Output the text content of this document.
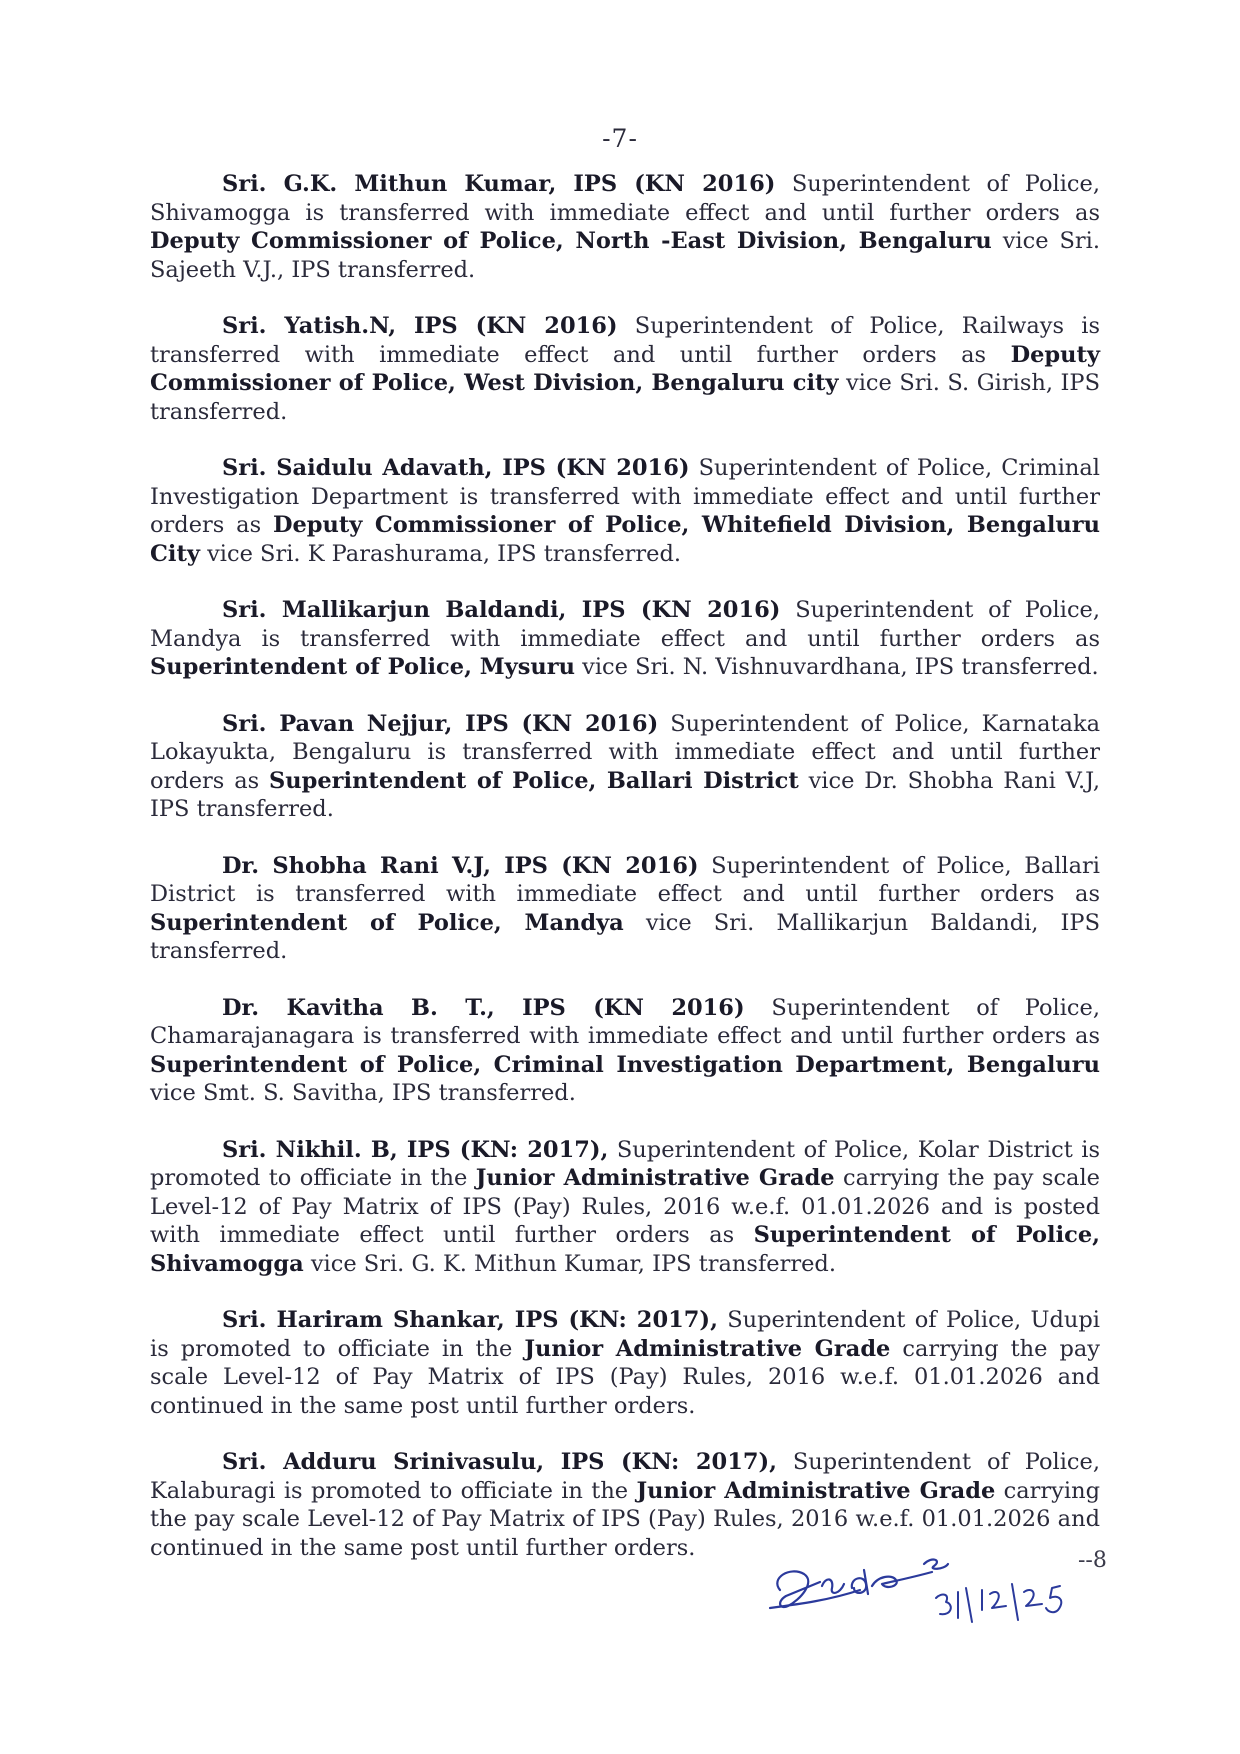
-7-

Sri. G.K. Mithun Kumar, IPS (KN 2016) Superintendent of Police, Shivamogga is transferred with immediate effect and until further orders as Deputy Commissioner of Police, North -East Division, Bengaluru vice Sri. Sajeeth V.J., IPS transferred.

Sri. Yatish.N, IPS (KN 2016) Superintendent of Police, Railways is transferred with immediate effect and until further orders as Deputy Commissioner of Police, West Division, Bengaluru city vice Sri. S. Girish, IPS transferred.

Sri. Saidulu Adavath, IPS (KN 2016) Superintendent of Police, Criminal Investigation Department is transferred with immediate effect and until further orders as Deputy Commissioner of Police, Whitefield Division, Bengaluru City vice Sri. K Parashurama, IPS transferred.

Sri. Mallikarjun Baldandi, IPS (KN 2016) Superintendent of Police, Mandya is transferred with immediate effect and until further orders as Superintendent of Police, Mysuru vice Sri. N. Vishnuvardhana, IPS transferred.

Sri. Pavan Nejjur, IPS (KN 2016) Superintendent of Police, Karnataka Lokayukta, Bengaluru is transferred with immediate effect and until further orders as Superintendent of Police, Ballari District vice Dr. Shobha Rani V.J, IPS transferred.

Dr. Shobha Rani V.J, IPS (KN 2016) Superintendent of Police, Ballari District is transferred with immediate effect and until further orders as Superintendent of Police, Mandya vice Sri. Mallikarjun Baldandi, IPS transferred.

Dr. Kavitha B. T., IPS (KN 2016) Superintendent of Police, Chamarajanagara is transferred with immediate effect and until further orders as Superintendent of Police, Criminal Investigation Department, Bengaluru vice Smt. S. Savitha, IPS transferred.

Sri. Nikhil. B, IPS (KN: 2017), Superintendent of Police, Kolar District is promoted to officiate in the Junior Administrative Grade carrying the pay scale Level-12 of Pay Matrix of IPS (Pay) Rules, 2016 w.e.f. 01.01.2026 and is posted with immediate effect until further orders as Superintendent of Police, Shivamogga vice Sri. G. K. Mithun Kumar, IPS transferred.

Sri. Hariram Shankar, IPS (KN: 2017), Superintendent of Police, Udupi is promoted to officiate in the Junior Administrative Grade carrying the pay scale Level-12 of Pay Matrix of IPS (Pay) Rules, 2016 w.e.f. 01.01.2026 and continued in the same post until further orders.

Sri. Adduru Srinivasulu, IPS (KN: 2017), Superintendent of Police, Kalaburagi is promoted to officiate in the Junior Administrative Grade carrying the pay scale Level-12 of Pay Matrix of IPS (Pay) Rules, 2016 w.e.f. 01.01.2026 and continued in the same post until further orders.	--8
